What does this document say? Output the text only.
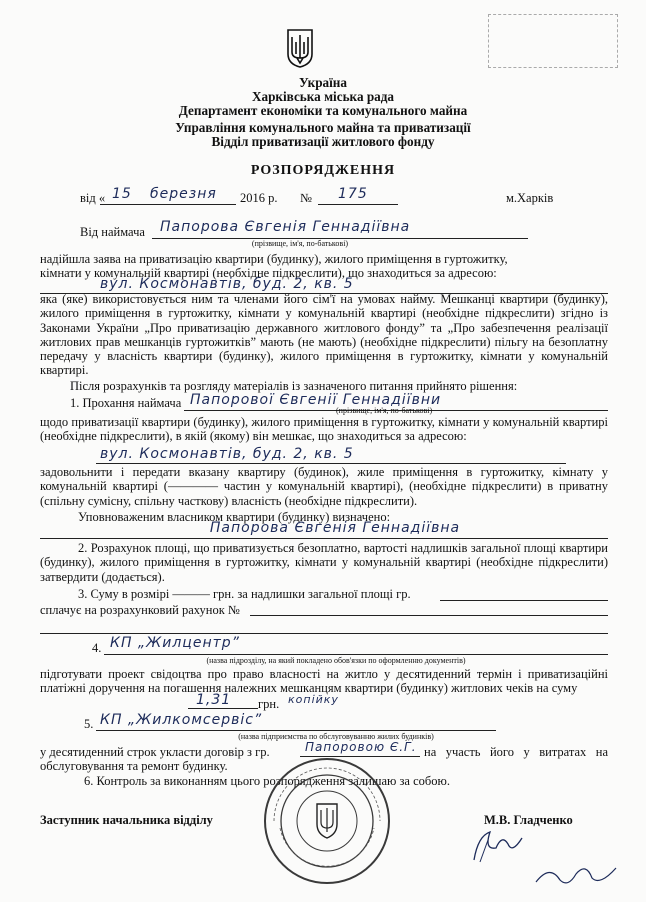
Україна
Харківська міська рада
Департамент економіки та комунального майна
Управління комунального майна та приватизації
Відділ приватизації житлового фонду
РОЗПОРЯДЖЕННЯ
від « 15	березня	2016 р. № 175	м.Харків
Від наймача Папорова Євгенія Геннадіївна
(прізвище, ім'я, по-батькові)
надійшла заява на приватизацію квартири (будинку), жилого приміщення в гуртожитку,
кімнати у комунальній квартирі (необхідне підкреслити), що знаходиться за адресою:
вул. Космонавтів, буд. 2, кв. 5
яка (яке) використовується ним та членами його сім'ї на умовах найму. Мешканці квартири (будинку), жилого приміщення в гуртожитку, кімнати у комунальній квартирі (необхідне підкреслити) згідно із Законами України „Про приватизацію державного житлового фонду” та „Про забезпечення реалізації житлових прав мешканців гуртожитків” мають (не мають) (необхідне підкреслити) пільгу на безоплатну передачу у власність квартири (будинку), жилого приміщення в гуртожитку, кімнати у комунальній квартирі.
Після розрахунків та розгляду матеріалів із зазначеного питання прийнято рішення:
1. Прохання наймача Папорової Євгенії Геннадіївни
(прізвище, ім'я, по-батькові)
щодо приватизації квартири (будинку), жилого приміщення в гуртожитку, кімнати у комунальній квартирі (необхідне підкреслити), в якій (якому) він мешкає, що знаходиться за адресою:
вул. Космонавтів, буд. 2, кв. 5
задовольнити і передати вказану квартиру (будинок), жиле приміщення в гуртожитку, кімнату у комунальній квартирі (———— частин у комунальній квартирі), (необхідне підкреслити) в приватну (спільну сумісну, спільну часткову) власність (необхідне підкреслити).
Уповноваженим власником квартири (будинку) визначено:
Папорова Євгенія Геннадіївна
2. Розрахунок площі, що приватизується безоплатно, вартості надлишків загальної площі квартири (будинку), жилого приміщення в гуртожитку, кімнати у комунальній квартирі (необхідне підкреслити) затвердити (додається).
3. Суму в розмірі ——— грн. за надлишки загальної площі гр.
сплачує на розрахунковий рахунок №
4. КП „Жилцентр”
(назва підрозділу, на який покладено обов'язки по оформленню документів)
підготувати проект свідоцтва про право власності на житло у десятиденний термін і приватизаційні платіжні доручення на погашення належних мешканцям квартири (будинку) житлових чеків на суму
1,31	грн. копійку
5. КП „Жилкомсервіс”
(назва підприємства по обслуговуванню жилих будинків)
у десятиденний строк укласти договір з гр.	Папоровою Є.Г. на участь його у витратах на обслуговування та ремонт будинку.
6. Контроль за виконанням цього розпорядження залишаю за собою.
Заступник начальника відділу	М.В. Гладченко
